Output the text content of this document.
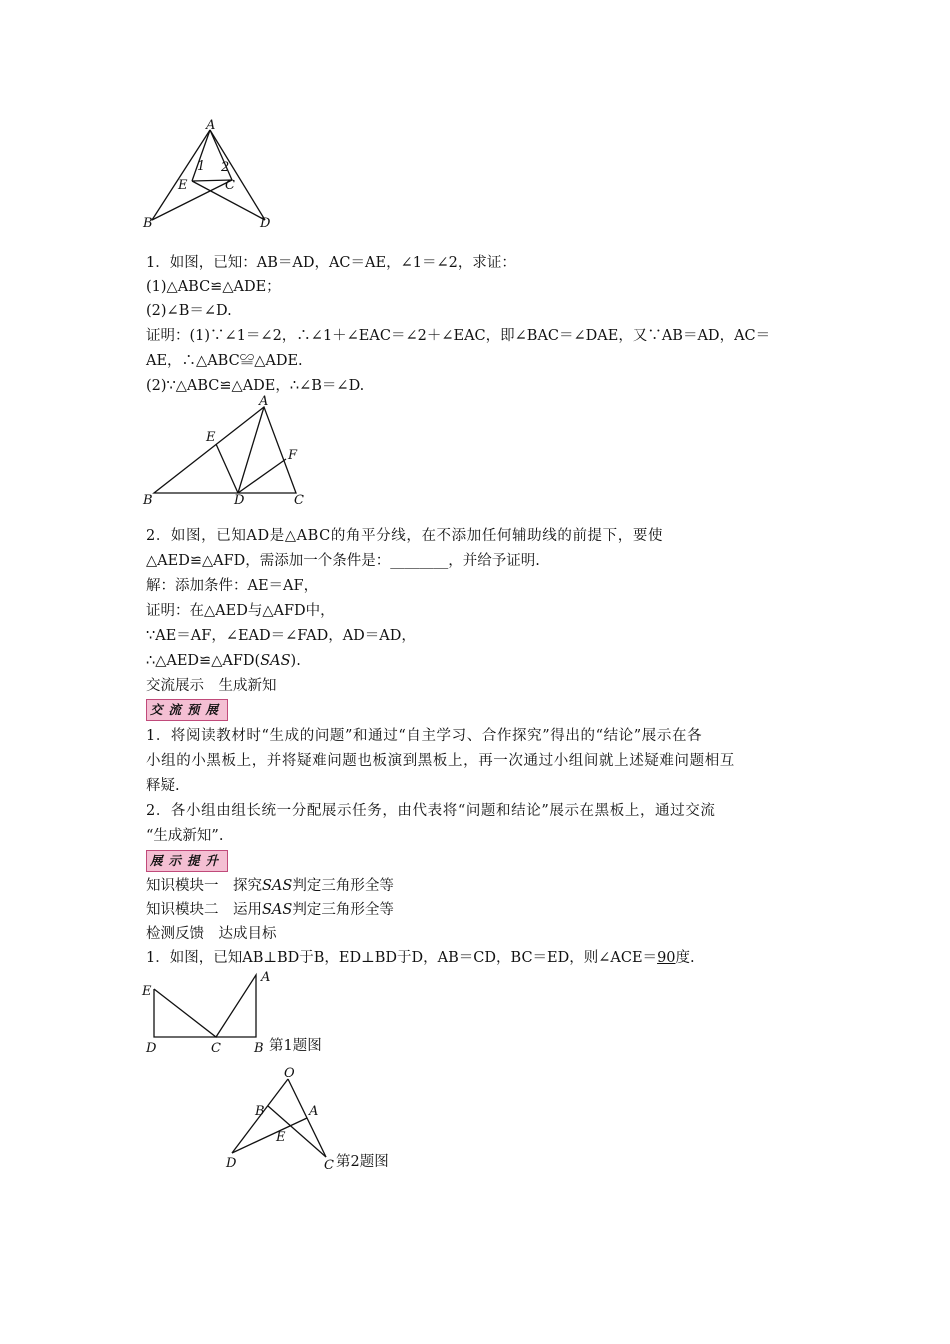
A
B	D
E	C
1 2
1．如图，已知：AB＝AD，AC＝AE，∠1＝∠2，求证：
(1)△ABC≌△ADE；
(2)∠B＝∠D.
证明：(1)∵∠1＝∠2，∴∠1＋∠EAC＝∠2＋∠EAC，即∠BAC＝∠DAE，又∵AB＝AD，AC＝
AE，∴△ABC≌△ADE.
(2)∵△ABC≌△ADE，∴∠B＝∠D.
A
B	C
D
E
F
2．如图，已知AD是△ABC的角平分线，在不添加任何辅助线的前提下，要使
△AED≌△AFD，需添加一个条件是：________，并给予证明.
解：添加条件：AE＝AF，
证明：在△AED与△AFD中，
∵AE＝AF，∠EAD＝∠FAD，AD＝AD，
∴△AED≌△AFD(SAS).
交流展示　生成新知
交流预展
1．将阅读教材时“生成的问题”和通过“自主学习、合作探究”得出的“结论”展示在各
小组的小黑板上，并将疑难问题也板演到黑板上，再一次通过小组间就上述疑难问题相互
释疑.
2．各小组由组长统一分配展示任务，由代表将“问题和结论”展示在黑板上，通过交流
“生成新知”.
展示提升
知识模块一　探究SAS判定三角形全等
知识模块二　运用SAS判定三角形全等
检测反馈　达成目标
1．如图，已知AB⊥BD于B，ED⊥BD于D，AB＝CD，BC＝ED，则∠ACE＝90度.
E
A
D	C	B 第1题图
O
B	A
E
D	C 第2题图
